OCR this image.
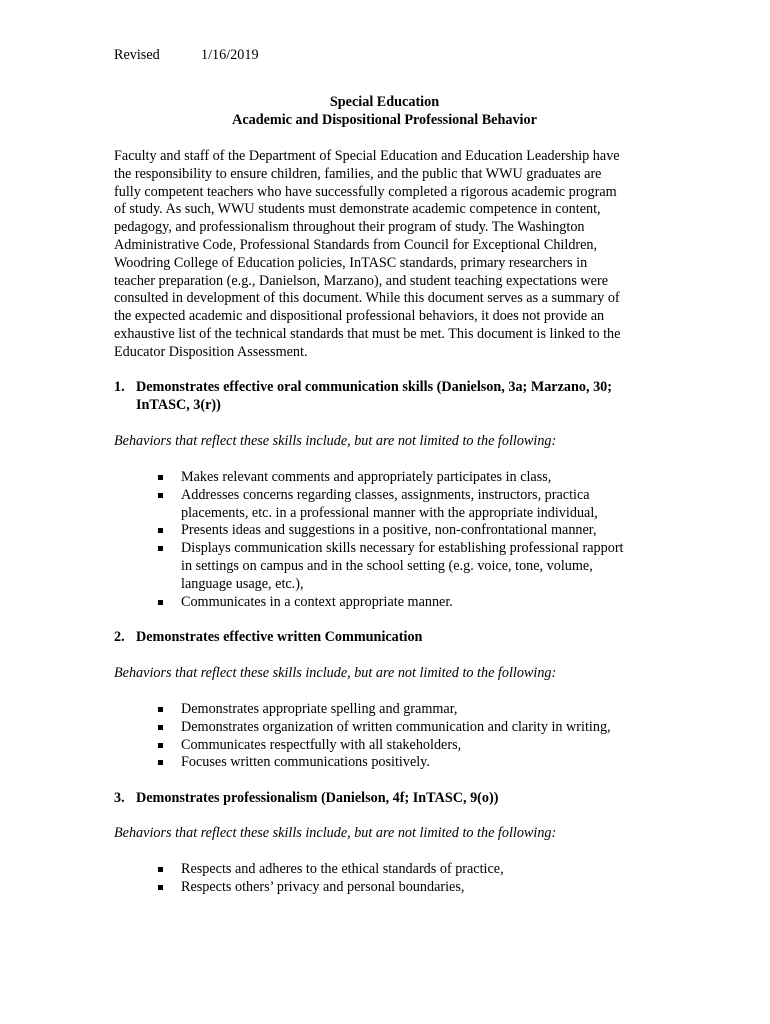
Revised	1/16/2019
Special Education
Academic and Dispositional Professional Behavior

Faculty and staff of the Department of Special Education and Education Leadership have
the responsibility to ensure children, families, and the public that WWU graduates are
fully competent teachers who have successfully completed a rigorous academic program
of study. As such, WWU students must demonstrate academic competence in content,
pedagogy, and professionalism throughout their program of study. The Washington
Administrative Code, Professional Standards from Council for Exceptional Children,
Woodring College of Education policies, InTASC standards, primary researchers in
teacher preparation (e.g., Danielson, Marzano), and student teaching expectations were
consulted in development of this document. While this document serves as a summary of
the expected academic and dispositional professional behaviors, it does not provide an
exhaustive list of the technical standards that must be met. This document is linked to the
Educator Disposition Assessment.

1. Demonstrates effective oral communication skills (Danielson, 3a; Marzano, 30;
InTASC, 3(r))

Behaviors that reflect these skills include, but are not limited to the following:

Makes relevant comments and appropriately participates in class,
Addresses concerns regarding classes, assignments, instructors, practica
placements, etc. in a professional manner with the appropriate individual,
Presents ideas and suggestions in a positive, non-confrontational manner,
Displays communication skills necessary for establishing professional rapport
in settings on campus and in the school setting (e.g. voice, tone, volume,
language usage, etc.),
Communicates in a context appropriate manner.
2. Demonstrates effective written Communication

Behaviors that reflect these skills include, but are not limited to the following:

Demonstrates appropriate spelling and grammar,
Demonstrates organization of written communication and clarity in writing,
Communicates respectfully with all stakeholders,
Focuses written communications positively.
3. Demonstrates professionalism (Danielson, 4f; InTASC, 9(o))

Behaviors that reflect these skills include, but are not limited to the following:

Respects and adheres to the ethical standards of practice,
Respects others’ privacy and personal boundaries,
